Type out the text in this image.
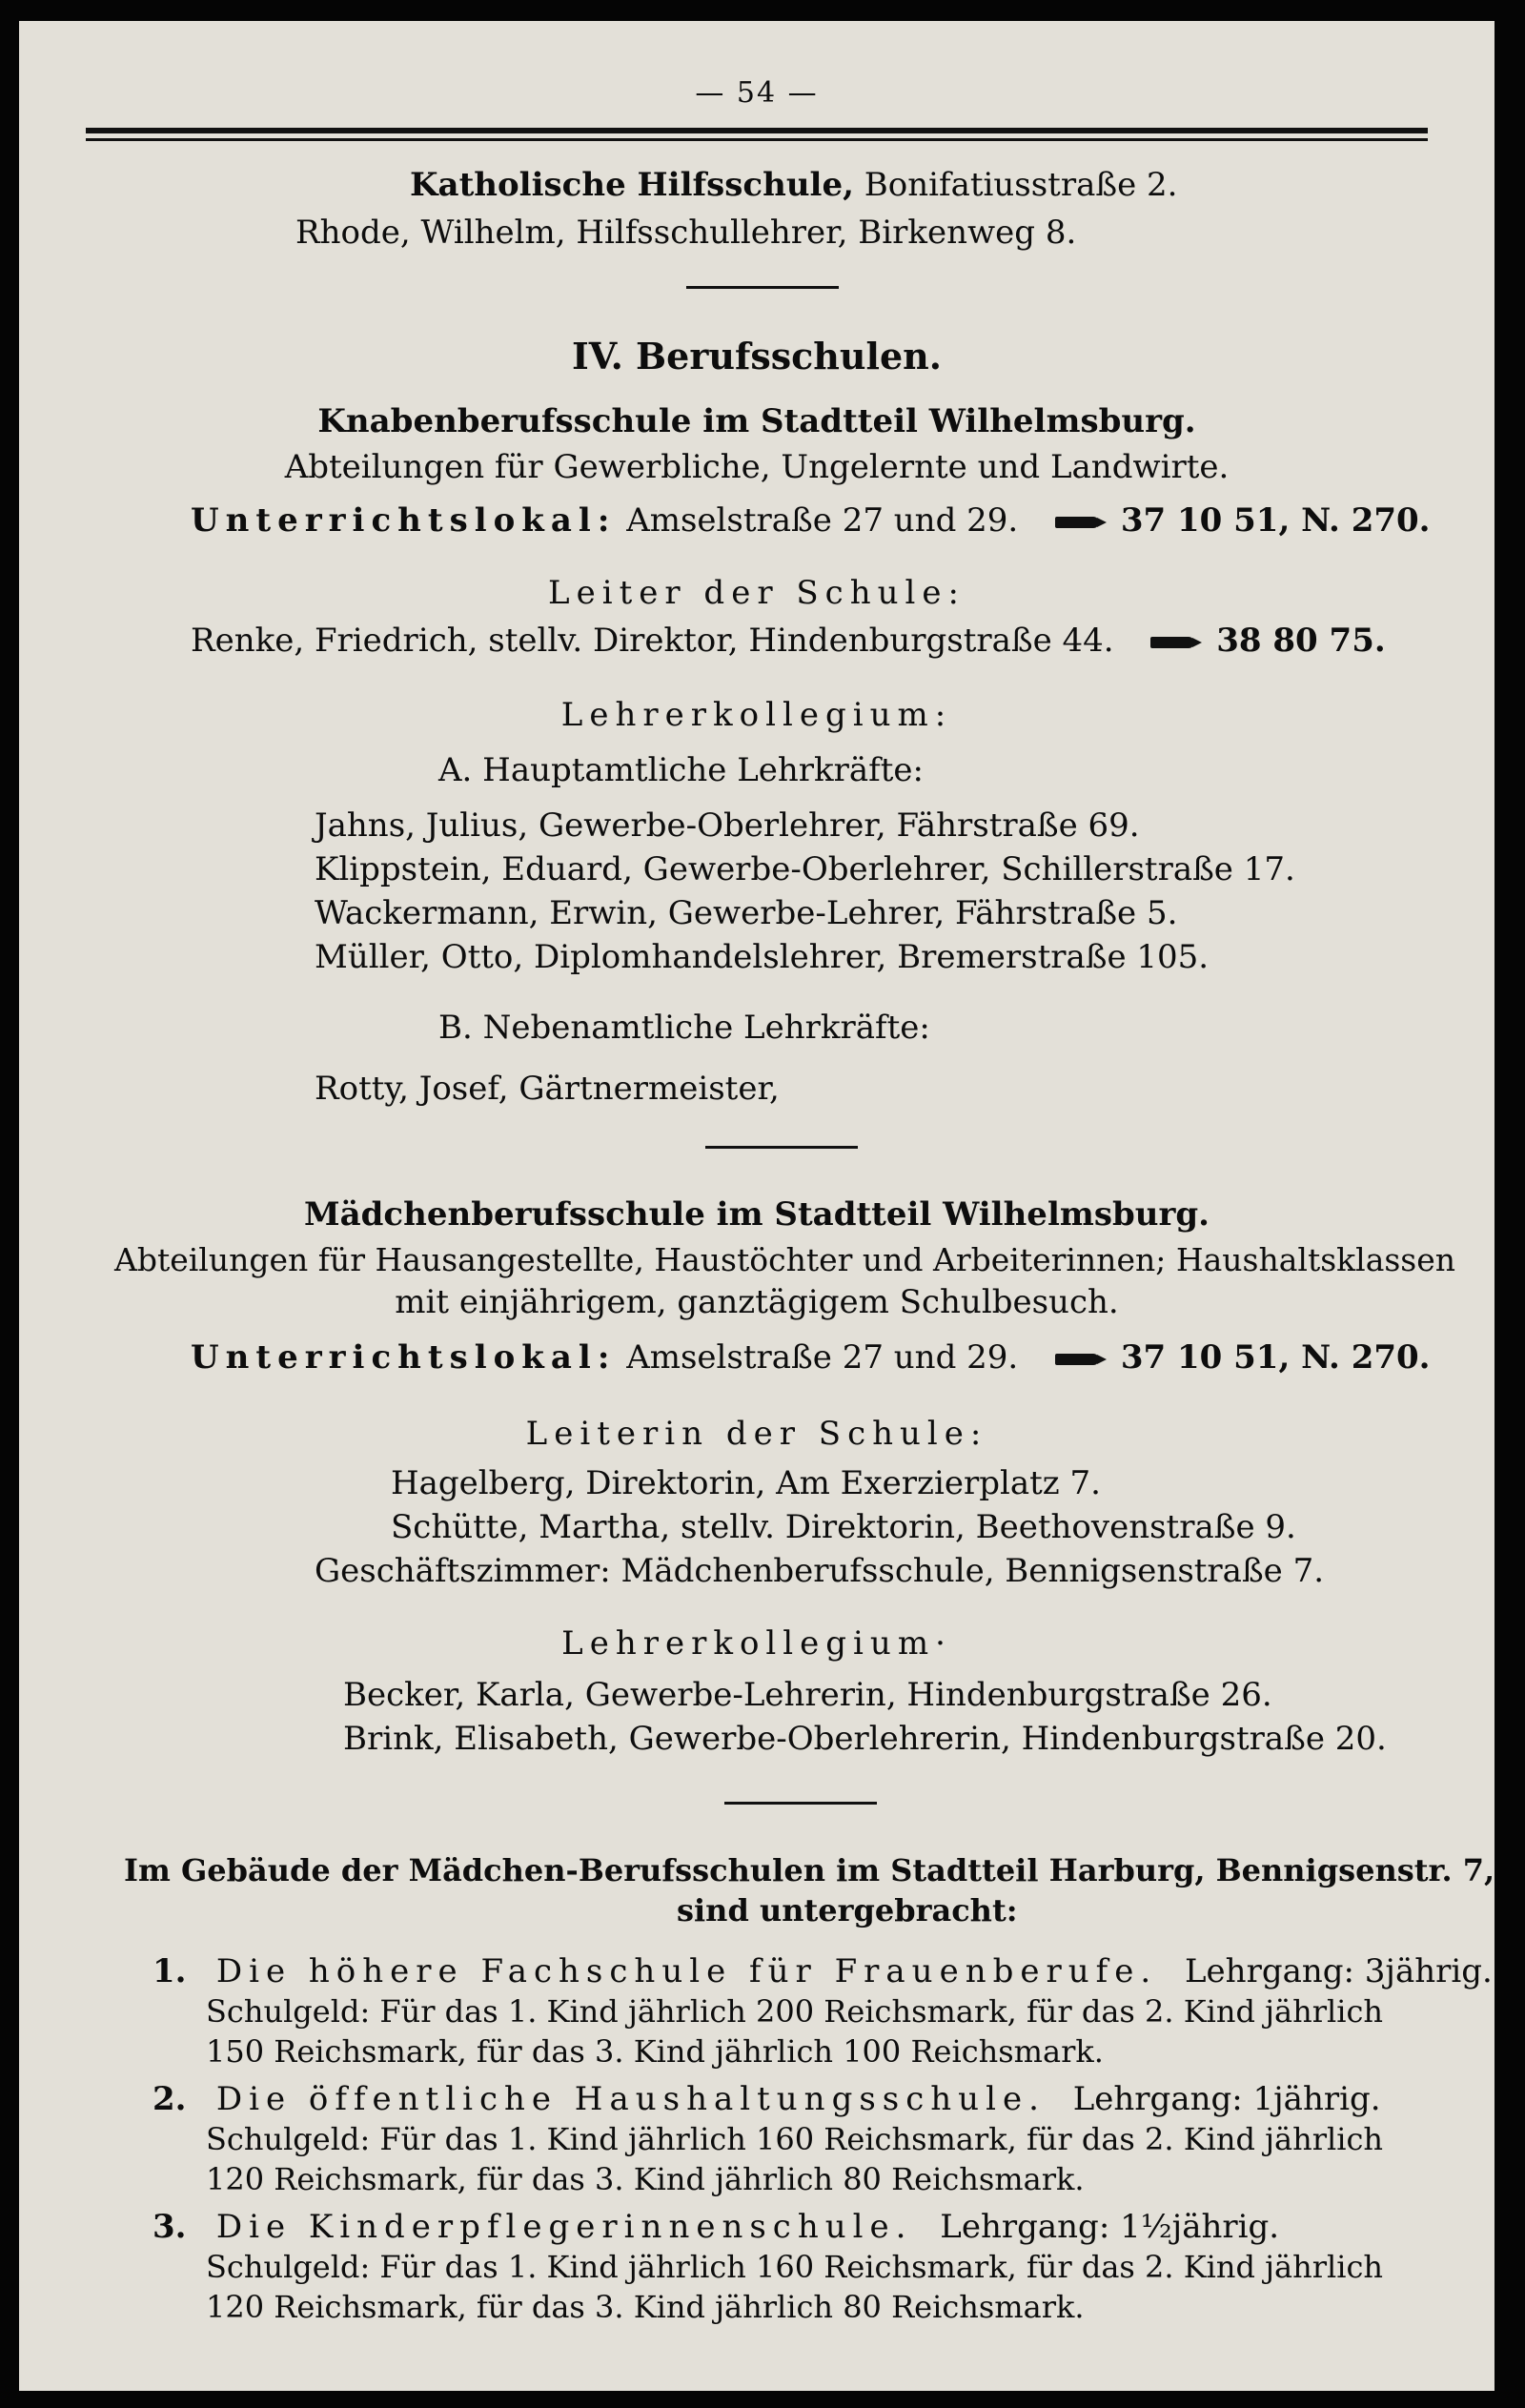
— 54 —
Katholische Hilfsschule, Bonifatiusstraße 2.
Rhode, Wilhelm, Hilfsschullehrer, Birkenweg 8.
IV. Berufsschulen.
Knabenberufsschule im Stadtteil Wilhelmsburg.
Abteilungen für Gewerbliche, Ungelernte und Landwirte.
Unterrichtslokal: Amselstraße 27 und 29.	37 10 51, N. 270.
Leiter der Schule:
Renke, Friedrich, stellv. Direktor, Hindenburgstraße 44.	38 80 75.
Lehrerkollegium:
A. Hauptamtliche Lehrkräfte:
Jahns, Julius, Gewerbe-Oberlehrer, Fährstraße 69.
Klippstein, Eduard, Gewerbe-Oberlehrer, Schillerstraße 17.
Wackermann, Erwin, Gewerbe-Lehrer, Fährstraße 5.
Müller, Otto, Diplomhandelslehrer, Bremerstraße 105.
B. Nebenamtliche Lehrkräfte:
Rotty, Josef, Gärtnermeister,
Mädchenberufsschule im Stadtteil Wilhelmsburg.
Abteilungen für Hausangestellte, Haustöchter und Arbeiterinnen; Haushaltsklassen
mit einjährigem, ganztägigem Schulbesuch.
Unterrichtslokal: Amselstraße 27 und 29.	37 10 51, N. 270.
Leiterin der Schule:
Hagelberg, Direktorin, Am Exerzierplatz 7.
Schütte, Martha, stellv. Direktorin, Beethovenstraße 9.
Geschäftszimmer: Mädchenberufsschule, Bennigsenstraße 7.
Lehrerkollegium·
Becker, Karla, Gewerbe-Lehrerin, Hindenburgstraße 26.
Brink, Elisabeth, Gewerbe-Oberlehrerin, Hindenburgstraße 20.
Im Gebäude der Mädchen-Berufsschulen im Stadtteil Harburg, Bennigsenstr. 7,
sind untergebracht:
1. Die höhere Fachschule für Frauenberufe. Lehrgang: 3jährig.
Schulgeld: Für das 1. Kind jährlich 200 Reichsmark, für das 2. Kind jährlich
150 Reichsmark, für das 3. Kind jährlich 100 Reichsmark.
2. Die öffentliche Haushaltungsschule. Lehrgang: 1jährig.
Schulgeld: Für das 1. Kind jährlich 160 Reichsmark, für das 2. Kind jährlich
120 Reichsmark, für das 3. Kind jährlich 80 Reichsmark.
3. Die Kinderpflegerinnenschule. Lehrgang: 1½jährig.
Schulgeld: Für das 1. Kind jährlich 160 Reichsmark, für das 2. Kind jährlich
120 Reichsmark, für das 3. Kind jährlich 80 Reichsmark.
